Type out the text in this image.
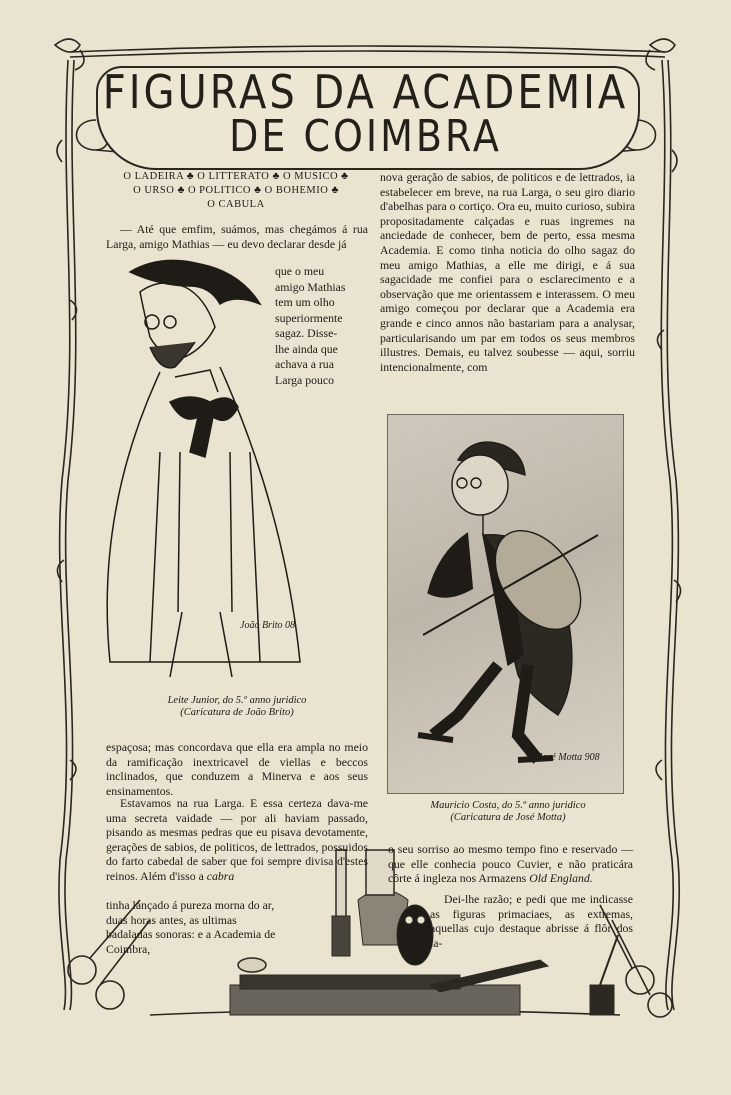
FIGURAS DA ACADEMIA
DE COIMBRA
O LADEIRA ♣ O LITTERATO ♣ O MUSICO ♣
O URSO ♣ O POLITICO ♣ O BOHEMIO ♣
O CABULA

— Até que emfim, suámos, mas chegámos á rua Larga, amigo Mathias — eu devo declarar desde já

que o meu
amigo Mathias
tem um olho
superiormente
sagaz. Disse-
lhe ainda que
achava a rua
Larga pouco
João Brito 08
Leite Junior, do 5.º anno juridico
(Caricatura de João Brito)
nova geração de sabios, de politicos e de lettrados, ia estabelecer em breve, na rua Larga, o seu giro diario d'abelhas para o cortiço. Ora eu, muito curioso, subira propositadamente calçadas e ruas ingremes na anciedade de conhecer, bem de perto, essa mesma Academia. E como tinha noticia do olho sagaz do meu amigo Mathias, a elle me dirigi, e á sua sagacidade me confiei para o esclarecimento e a observação que me orientassem e interassem. O meu amigo começou por declarar que a Academia era grande e cinco annos não bastariam para a analysar, particularisando um par em todos os seus membros illustres. Demais, eu talvez soubesse — aqui, sorriu intencionalmente, com
José Motta 908
Mauricio Costa, do 5.º anno juridico
(Caricatura de José Motta)
espaçosa; mas concordava que ella era ampla no meio da ramificação inextricavel de viellas e beccos inclinados, que conduzem a Minerva e aos seus ensinamentos.

Estavamos na rua Larga. E essa certeza dava-me uma secreta vaidade — por ali haviam passado, pisando as mesmas pedras que eu pisava devotamente, gerações de sabios, de politicos, de lettrados, possuidos do farto cabedal de saber que foi sempre divisa d'estes reinos. Além d'isso a cabra

tinha lançado á pureza morna do ar, duas horas antes, as ultimas badaladas sonoras: e a Academia de Coimbra,
o seu sorriso ao mesmo tempo fino e reservado — que elle conhecia pouco Cuvier, e não praticára côrte á ingleza nos Armazens Old England.

Dei-lhe razão; e pedi que me indicasse as figuras primaciaes, as extremas, aquellas cujo destaque abrisse á flôr dos la-
